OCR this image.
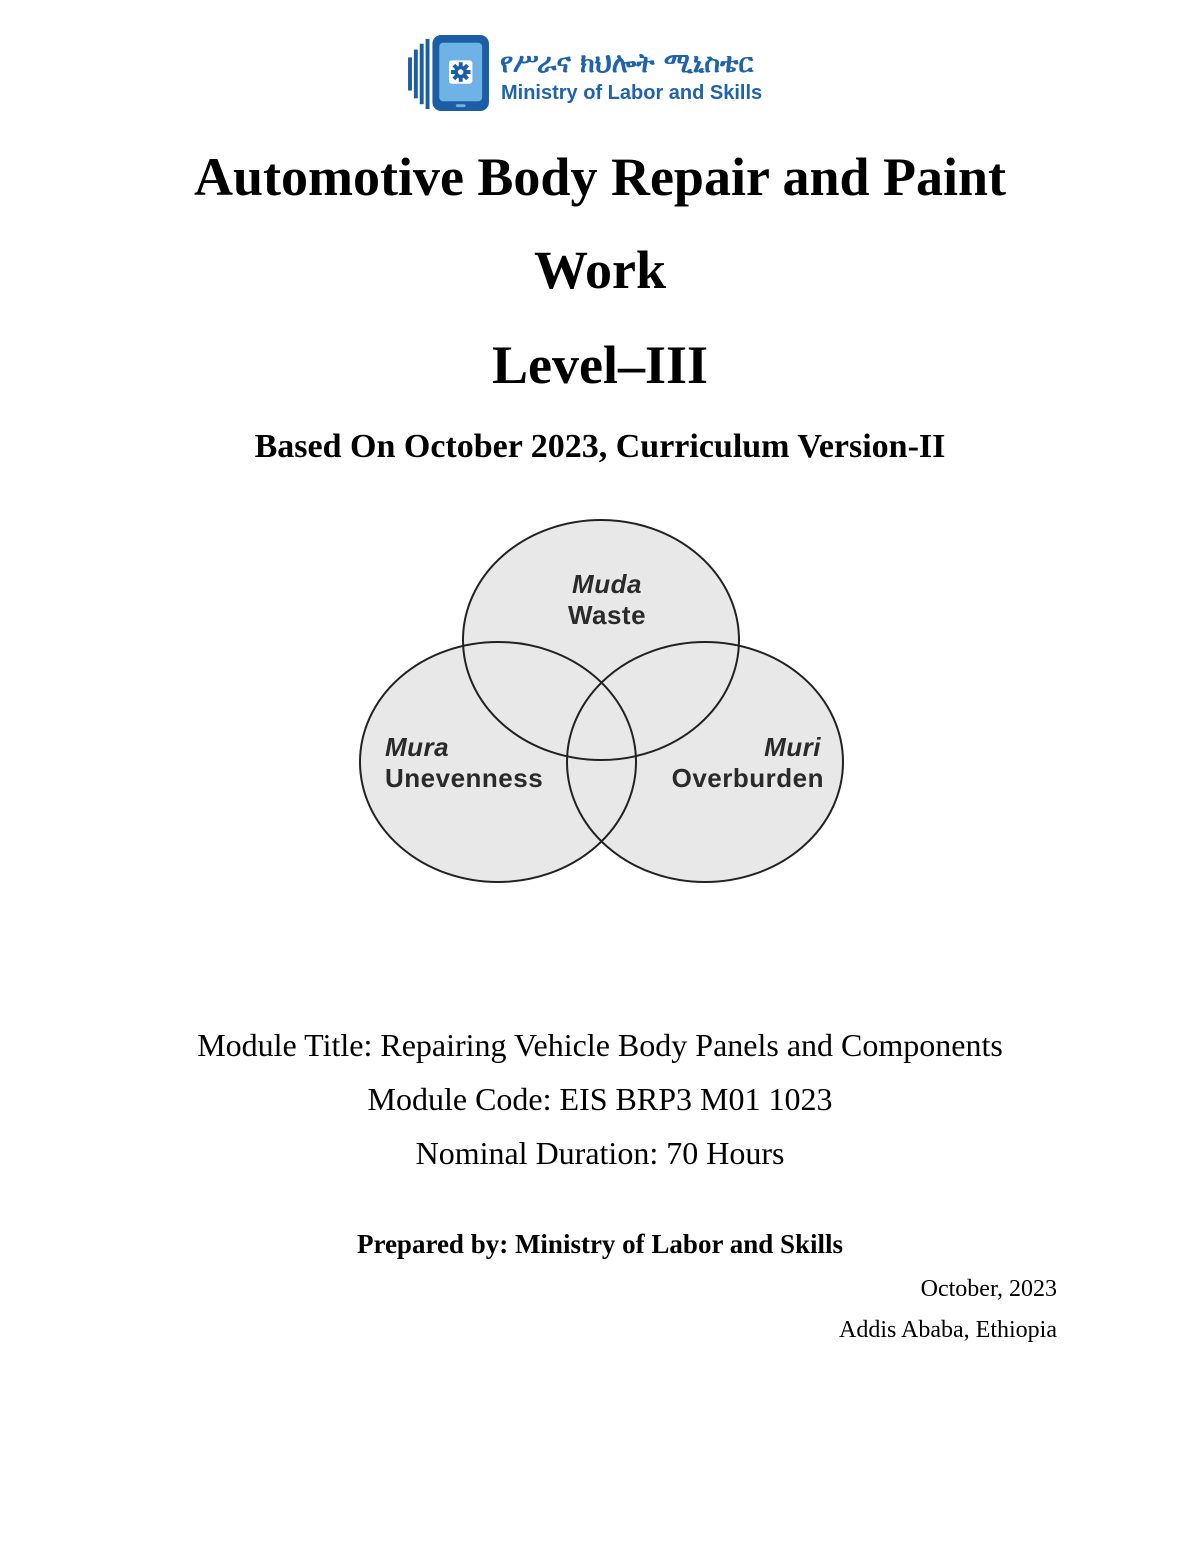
የሥራና ክህሎት ሚኒስቴር
Ministry of Labor and Skills
Automotive Body Repair and Paint
Work
Level–III
Based On October 2023, Curriculum Version-II
Muda
Waste
Mura
Unevenness
Muri
Overburden
Module Title: Repairing Vehicle Body Panels and Components
Module Code: EIS BRP3 M01 1023
Nominal Duration: 70 Hours
Prepared by: Ministry of Labor and Skills
October, 2023
Addis Ababa, Ethiopia
